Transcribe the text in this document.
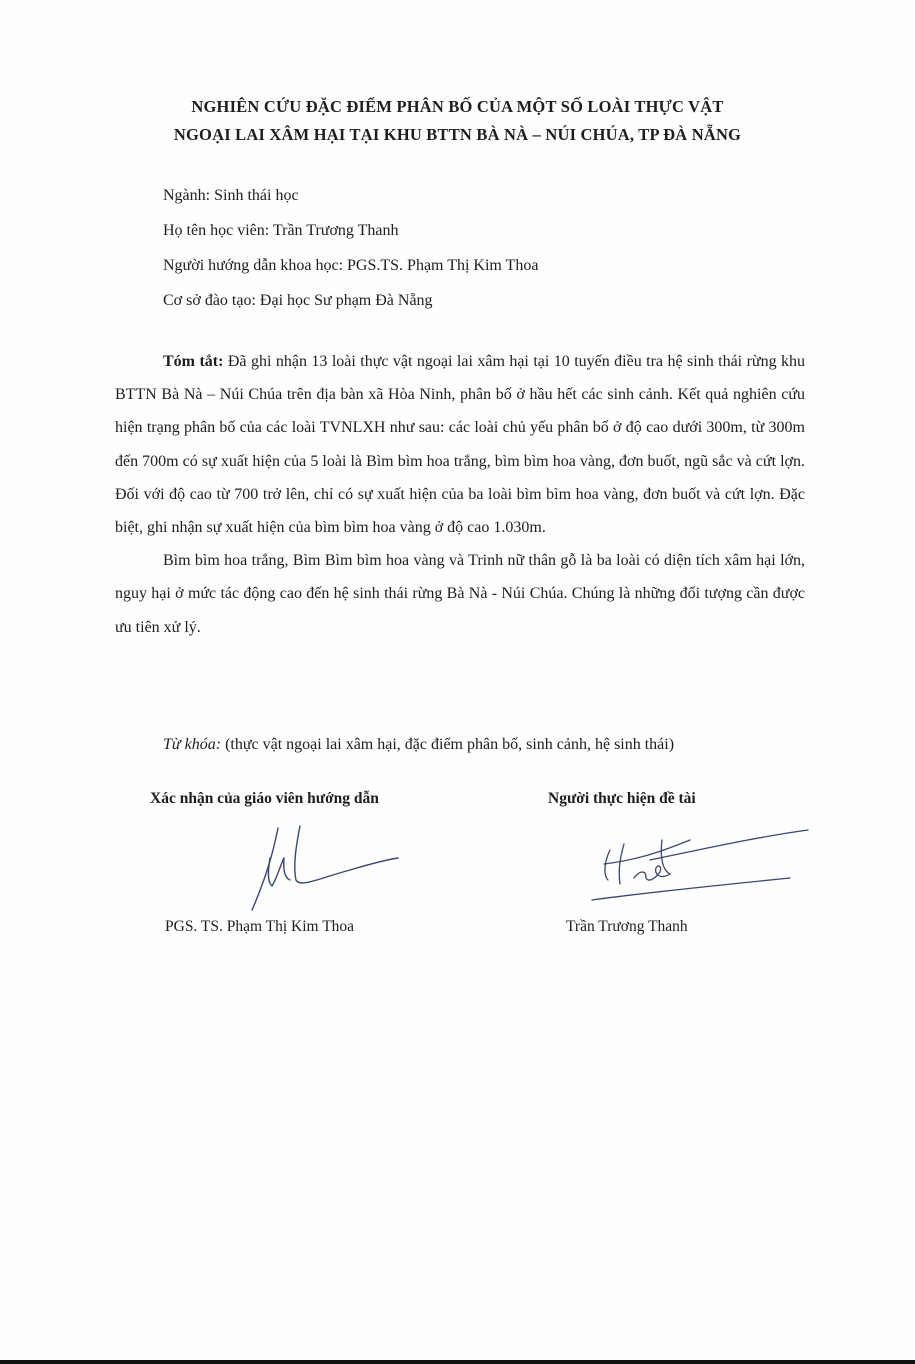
NGHIÊN CỨU ĐẶC ĐIỂM PHÂN BỐ CỦA MỘT SỐ LOÀI THỰC VẬT
NGOẠI LAI XÂM HẠI TẠI KHU BTTN BÀ NÀ – NÚI CHÚA, TP ĐÀ NẴNG
Ngành: Sinh thái học
Họ tên học viên: Trần Trương Thanh
Người hướng dẫn khoa học: PGS.TS. Phạm Thị Kim Thoa
Cơ sở đào tạo: Đại học Sư phạm Đà Nẵng

Tóm tắt: Đã ghi nhận 13 loài thực vật ngoại lai xâm hại tại 10 tuyến điều tra hệ sinh thái rừng khu BTTN Bà Nà – Núi Chúa trên địa bàn xã Hòa Ninh, phân bố ở hầu hết các sinh cảnh. Kết quả nghiên cứu hiện trạng phân bố của các loài TVNLXH như sau: các loài chủ yếu phân bố ở độ cao dưới 300m, từ 300m đến 700m có sự xuất hiện của 5 loài là Bìm bìm hoa trắng, bìm bìm hoa vàng, đơn buốt, ngũ sắc và cứt lợn. Đối với độ cao từ 700 trở lên, chỉ có sự xuất hiện của ba loài bìm bìm hoa vàng, đơn buốt và cứt lợn. Đặc biệt, ghi nhận sự xuất hiện của bìm bìm hoa vàng ở độ cao 1.030m.

Bìm bìm hoa trắng, Bìm Bìm bìm hoa vàng và Trinh nữ thân gỗ là ba loài có diện tích xâm hại lớn, nguy hại ở mức tác động cao đến hệ sinh thái rừng Bà Nà - Núi Chúa. Chúng là những đối tượng cần được ưu tiên xử lý.

Từ khóa: (thực vật ngoại lai xâm hại, đặc điểm phân bố, sinh cảnh, hệ sinh thái)
Xác nhận của giáo viên hướng dẫn	Người thực hiện đề tài
PGS. TS. Phạm Thị Kim Thoa	Trần Trương Thanh
